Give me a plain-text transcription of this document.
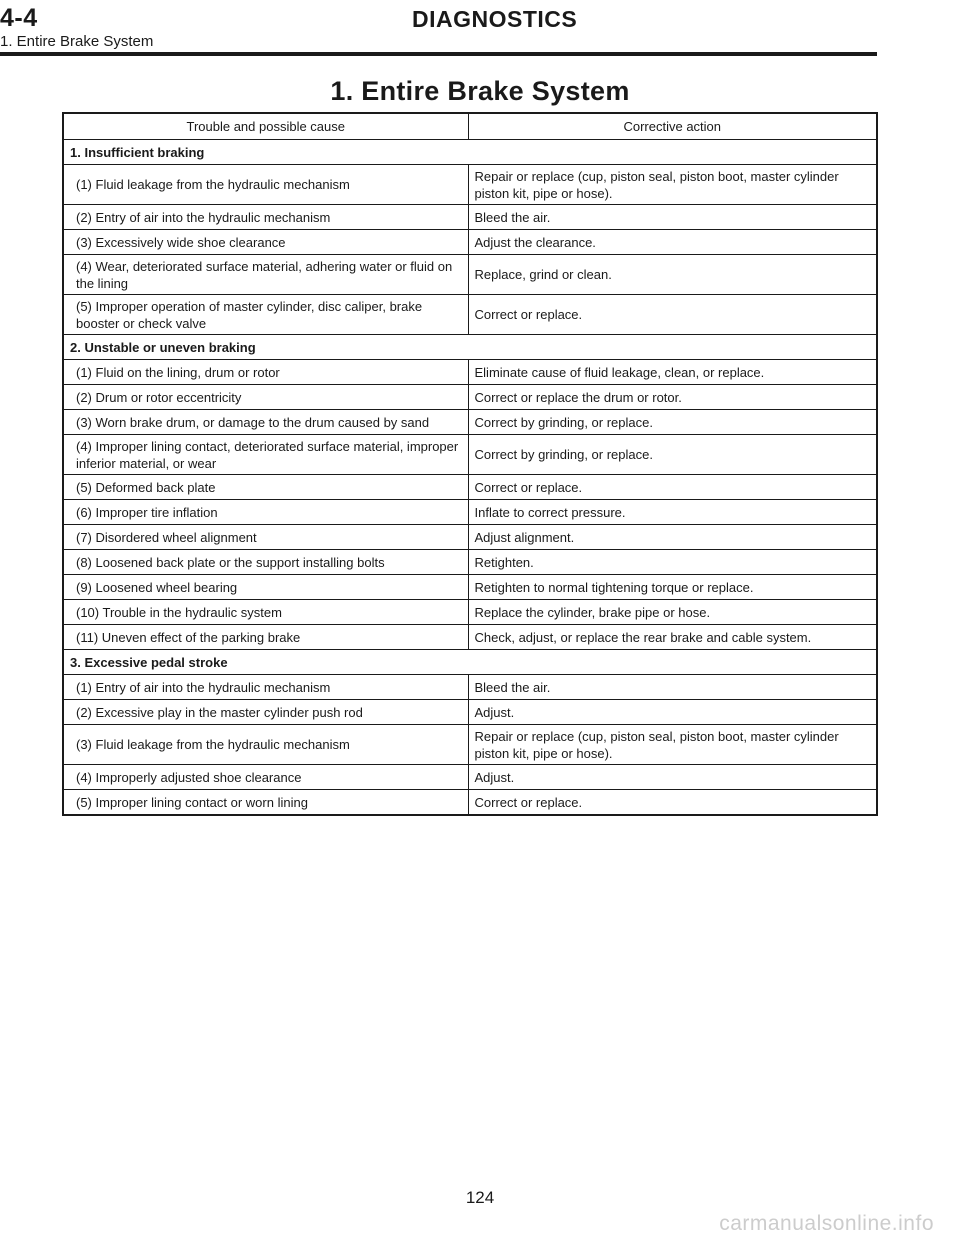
4-4	DIAGNOSTICS
1. Entire Brake System
1. Entire Brake System
Trouble and possible cause	Corrective action
1. Insufficient braking	
(1) Fluid leakage from the hydraulic mechanism	Repair or replace (cup, piston seal, piston boot, master cylinder piston kit, pipe or hose).
(2) Entry of air into the hydraulic mechanism	Bleed the air.
(3) Excessively wide shoe clearance	Adjust the clearance.
(4) Wear, deteriorated surface material, adhering water or fluid on the lining	Replace, grind or clean.
(5) Improper operation of master cylinder, disc caliper, brake booster or check valve	Correct or replace.
2. Unstable or uneven braking	
(1) Fluid on the lining, drum or rotor	Eliminate cause of fluid leakage, clean, or replace.
(2) Drum or rotor eccentricity	Correct or replace the drum or rotor.
(3) Worn brake drum, or damage to the drum caused by sand	Correct by grinding, or replace.
(4) Improper lining contact, deteriorated surface material, improper inferior material, or wear	Correct by grinding, or replace.
(5) Deformed back plate	Correct or replace.
(6) Improper tire inflation	Inflate to correct pressure.
(7) Disordered wheel alignment	Adjust alignment.
(8) Loosened back plate or the support installing bolts	Retighten.
(9) Loosened wheel bearing	Retighten to normal tightening torque or replace.
(10) Trouble in the hydraulic system	Replace the cylinder, brake pipe or hose.
(11) Uneven effect of the parking brake	Check, adjust, or replace the rear brake and cable system.
3. Excessive pedal stroke	
(1) Entry of air into the hydraulic mechanism	Bleed the air.
(2) Excessive play in the master cylinder push rod	Adjust.
(3) Fluid leakage from the hydraulic mechanism	Repair or replace (cup, piston seal, piston boot, master cylinder piston kit, pipe or hose).
(4) Improperly adjusted shoe clearance	Adjust.
(5) Improper lining contact or worn lining	Correct or replace.
124
carmanualsonline.info
